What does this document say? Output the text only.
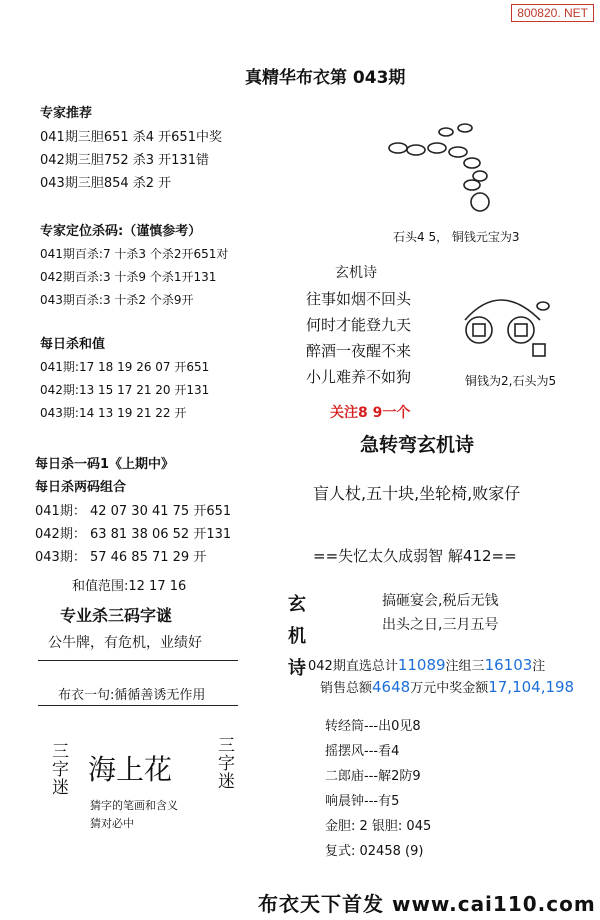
800820. NET
真精华布衣第 043期
专家推荐
041期三胆651 杀4 开651中奖
042期三胆752 杀3 开131错
043期三胆854 杀2 开
专家定位杀码:（谨慎参考）
041期百杀:7 十杀3 个杀2开651对
042期百杀:3 十杀9 个杀1开131
043期百杀:3 十杀2 个杀9开
每日杀和值
041期:17 18 19 26 07 开651
042期:13 15 17 21 20 开131
043期:14 13 19 21 22 开
每日杀一码1《上期中》
每日杀两码组合
041期： 42 07 30 41 75 开651
042期： 63 81 38 06 52 开131
043期： 57 46 85 71 29 开
和值范围:12 17 16
专业杀三码字谜
公牛牌，有危机，业绩好
布衣一句:循循善诱无作用
三字迷	三字迷
海上花
猜字的笔画和含义
猜对必中
石头4 5， 铜钱元宝为3
玄机诗
往事如烟不回头
何时才能登九天
醉酒一夜醒不来
小儿难养不如狗	铜钱为2,石头为5
关注8 9一个
急转弯玄机诗
盲人杖,五十块,坐轮椅,败家仔
==失忆太久成弱智 解412==
玄
机
诗
搞砸宴会,税后无钱
出头之日,三月五号
042期直选总计11089注组三16103注
销售总额4648万元中奖金额17,104,198
转经筒---出0见8
摇摆风---看4
二郎庙---解2防9
响晨钟---有5
金胆: 2 银胆: 045
复式: 02458 (9)
布衣天下首发 www.cai110.com
